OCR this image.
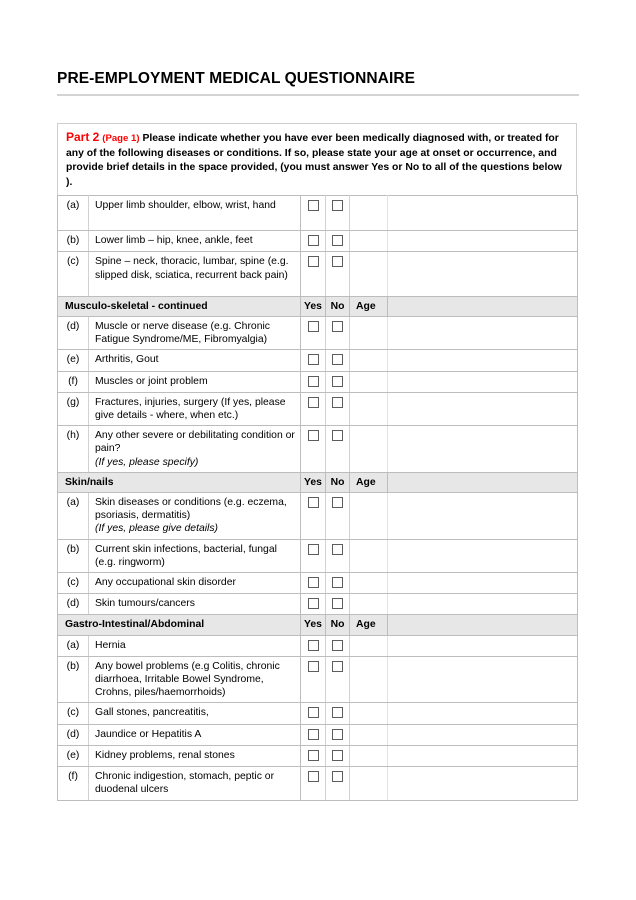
PRE-EMPLOYMENT MEDICAL QUESTIONNAIRE
Part 2 (Page 1) Please indicate whether you have ever been medically diagnosed with, or treated for any of the following diseases or conditions. If so, please state your age at onset or occurrence, and provide brief details in the space provided, (you must answer Yes or No to all of the questions below ).
(a)	Upper limb shoulder, elbow, wrist, hand				
(b)	Lower limb – hip, knee, ankle, feet				
(c)	Spine – neck, thoracic, lumbar, spine (e.g. slipped disk, sciatica, recurrent back pain)				
Musculo-skeletal - continued		Yes	No	Age	
(d)	Muscle or nerve disease (e.g. Chronic Fatigue Syndrome/ME, Fibromyalgia)				
(e)	Arthritis, Gout				
(f)	Muscles or joint problem				
(g)	Fractures, injuries, surgery (If yes, please give details - where, when etc.)				
(h)	Any other severe or debilitating condition or pain?
(If yes, please specify)				
Skin/nails		Yes	No	Age	
(a)	Skin diseases or conditions (e.g. eczema, psoriasis, dermatitis)
(If yes, please give details)				
(b)	Current skin infections, bacterial, fungal (e.g. ringworm)				
(c)	Any occupational skin disorder				
(d)	Skin tumours/cancers				
Gastro-Intestinal/Abdominal		Yes	No	Age	
(a)	Hernia				
(b)	Any bowel problems (e.g Colitis, chronic diarrhoea, Irritable Bowel Syndrome, Crohns, piles/haemorrhoids)				
(c)	Gall stones, pancreatitis,				
(d)	Jaundice or Hepatitis A				
(e)	Kidney problems, renal stones				
(f)	Chronic indigestion, stomach, peptic or duodenal ulcers				
